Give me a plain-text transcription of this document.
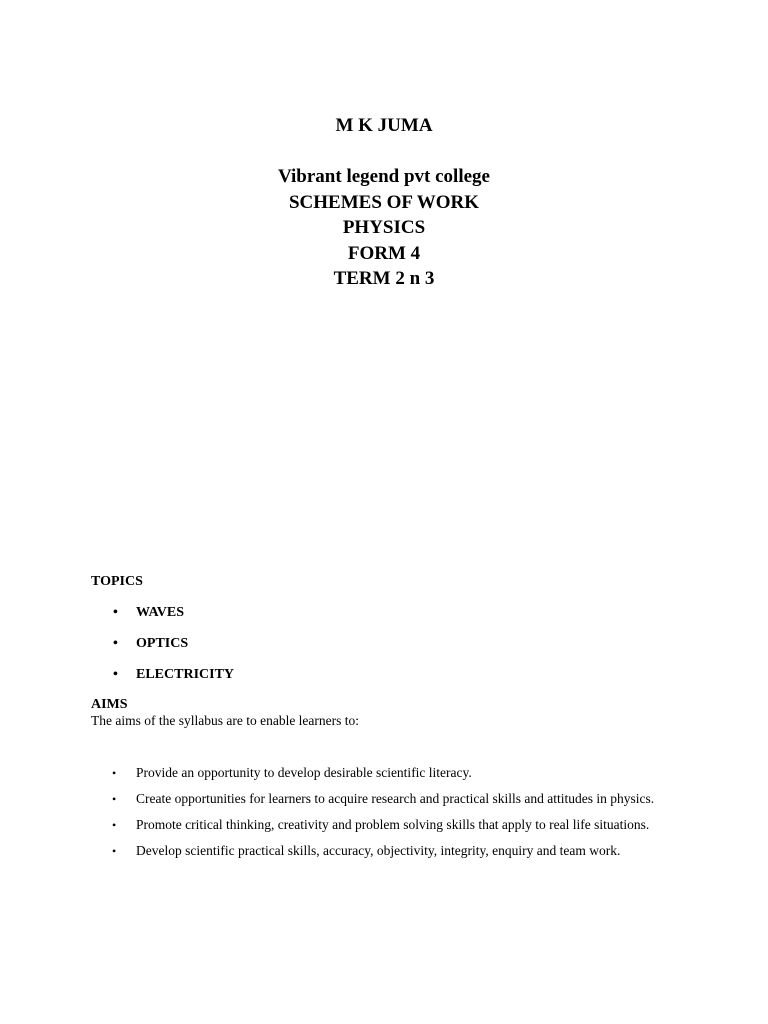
M K JUMA
Vibrant legend pvt college
SCHEMES OF WORK
PHYSICS
FORM 4
TERM 2 n 3

TOPICS

• WAVES
• OPTICS
• ELECTRICITY
AIMS
The aims of the syllabus are to enable learners to:
• Provide an opportunity to develop desirable scientific literacy.
• Create opportunities for learners to acquire research and practical skills and attitudes in physics.
• Promote critical thinking, creativity and problem solving skills that apply to real life situations.
• Develop scientific practical skills, accuracy, objectivity, integrity, enquiry and team work.
